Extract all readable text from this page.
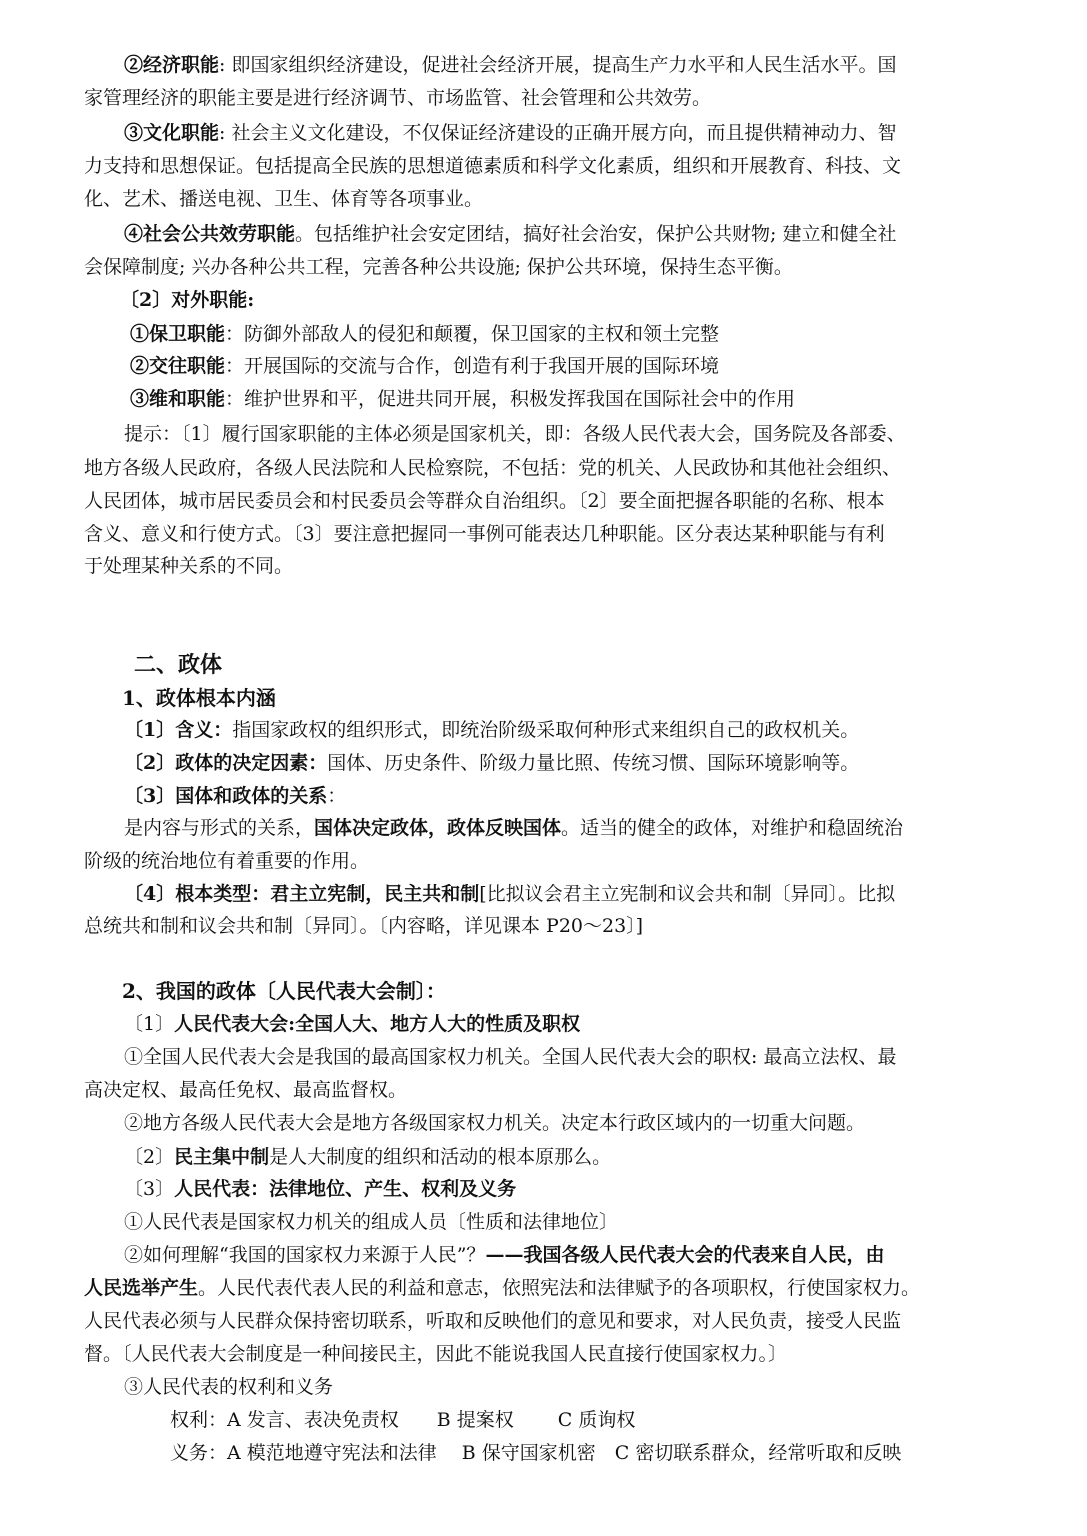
②经济职能: 即国家组织经济建设，促进社会经济开展，提高生产力水平和人民生活水平。国
家管理经济的职能主要是进行经济调节、市场监管、社会管理和公共效劳。
③文化职能: 社会主义文化建设，不仅保证经济建设的正确开展方向，而且提供精神动力、智
力支持和思想保证。包括提高全民族的思想道德素质和科学文化素质，组织和开展教育、科技、文
化、艺术、播送电视、卫生、体育等各项事业。
④社会公共效劳职能。包括维护社会安定团结，搞好社会治安，保护公共财物; 建立和健全社
会保障制度; 兴办各种公共工程，完善各种公共设施; 保护公共环境，保持生态平衡。
〔2〕对外职能:
①保卫职能：防御外部敌人的侵犯和颠覆，保卫国家的主权和领土完整
②交往职能：开展国际的交流与合作，创造有利于我国开展的国际环境
③维和职能：维护世界和平，促进共同开展，积极发挥我国在国际社会中的作用
提示：〔1〕履行国家职能的主体必须是国家机关，即：各级人民代表大会，国务院及各部委、
地方各级人民政府，各级人民法院和人民检察院，不包括：党的机关、人民政协和其他社会组织、
人民团体，城市居民委员会和村民委员会等群众自治组织。〔2〕要全面把握各职能的名称、根本
含义、意义和行使方式。〔3〕要注意把握同一事例可能表达几种职能。区分表达某种职能与有利
于处理某种关系的不同。
二、政体
1、政体根本内涵
〔1〕含义：指国家政权的组织形式，即统治阶级采取何种形式来组织自己的政权机关。
〔2〕政体的决定因素：国体、历史条件、阶级力量比照、传统习惯、国际环境影响等。
〔3〕国体和政体的关系：
是内容与形式的关系，国体决定政体，政体反映国体。适当的健全的政体，对维护和稳固统治
阶级的统治地位有着重要的作用。
〔4〕根本类型：君主立宪制，民主共和制[比拟议会君主立宪制和议会共和制〔异同〕。比拟
总统共和制和议会共和制〔异同〕。〔内容略，详见课本 P20～23〕]
2、我国的政体〔人民代表大会制〕：
〔1〕人民代表大会:全国人大、地方人大的性质及职权
①全国人民代表大会是我国的最高国家权力机关。全国人民代表大会的职权: 最高立法权、最
高决定权、最高任免权、最高监督权。
②地方各级人民代表大会是地方各级国家权力机关。决定本行政区域内的一切重大问题。
〔2〕民主集中制是人大制度的组织和活动的根本原那么。
〔3〕人民代表：法律地位、产生、权利及义务
①人民代表是国家权力机关的组成人员〔性质和法律地位〕
②如何理解“我国的国家权力来源于人民”？——我国各级人民代表大会的代表来自人民，由
人民选举产生。人民代表代表人民的利益和意志，依照宪法和法律赋予的各项职权，行使国家权力。
人民代表必须与人民群众保持密切联系，听取和反映他们的意见和要求，对人民负责，接受人民监
督。〔人民代表大会制度是一种间接民主，因此不能说我国人民直接行使国家权力。〕
③人民代表的权利和义务
权利：A 发言、表决免责权　　B 提案权　　 C 质询权
义务：A 模范地遵守宪法和法律　 B 保守国家机密　C 密切联系群众，经常听取和反映
